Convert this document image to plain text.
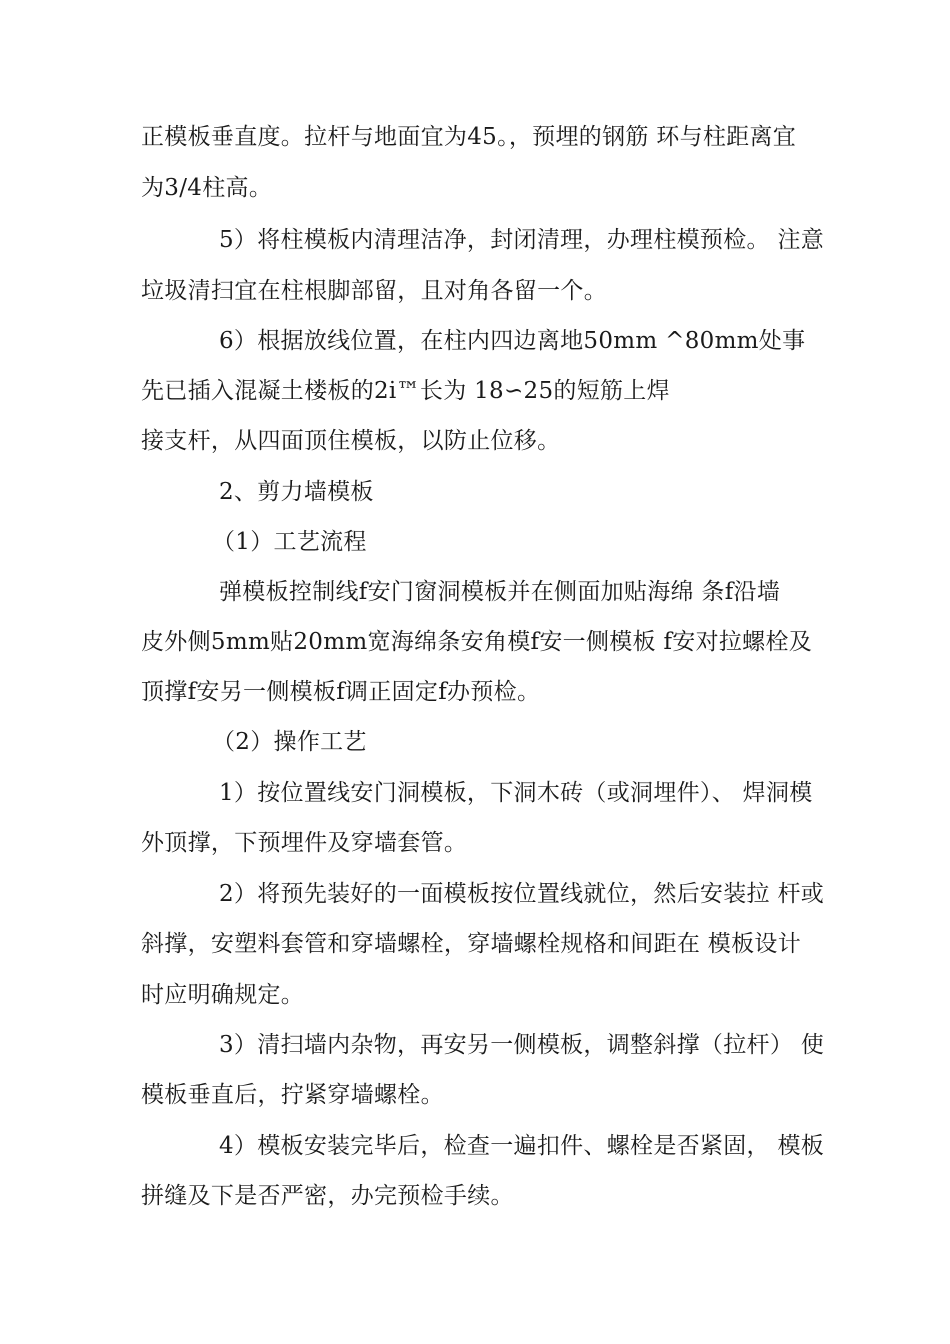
正模板垂直度。拉杆与地面宜为45。，预埋的钢筋 环与柱距离宜
为3/4柱高。
5）将柱模板内清理洁净，封闭清理，办理柱模预检。 注意
垃圾清扫宜在柱根脚部留，且对角各留一个。
6）根据放线位置，在柱内四边离地50mm ^80mm处事
先已插入混凝土楼板的2i™长为 18∽25的短筋上焊
接支杆，从四面顶住模板，以防止位移。
2、剪力墙模板
（1）工艺流程
弹模板控制线f安门窗洞模板并在侧面加贴海绵 条f沿墙
皮外侧5mm贴20mm宽海绵条安角模f安一侧模板 f安对拉螺栓及
顶撑f安另一侧模板f调正固定f办预检。
（2）操作工艺
1）按位置线安门洞模板，下洞木砖（或洞埋件）、 焊洞模
外顶撑，下预埋件及穿墙套管。
2）将预先装好的一面模板按位置线就位，然后安装拉 杆或
斜撑，安塑料套管和穿墙螺栓，穿墙螺栓规格和间距在 模板设计
时应明确规定。
3）清扫墙内杂物，再安另一侧模板，调整斜撑（拉杆） 使
模板垂直后，拧紧穿墙螺栓。
4）模板安装完毕后，检查一遍扣件、螺栓是否紧固， 模板
拼缝及下是否严密，办完预检手续。
